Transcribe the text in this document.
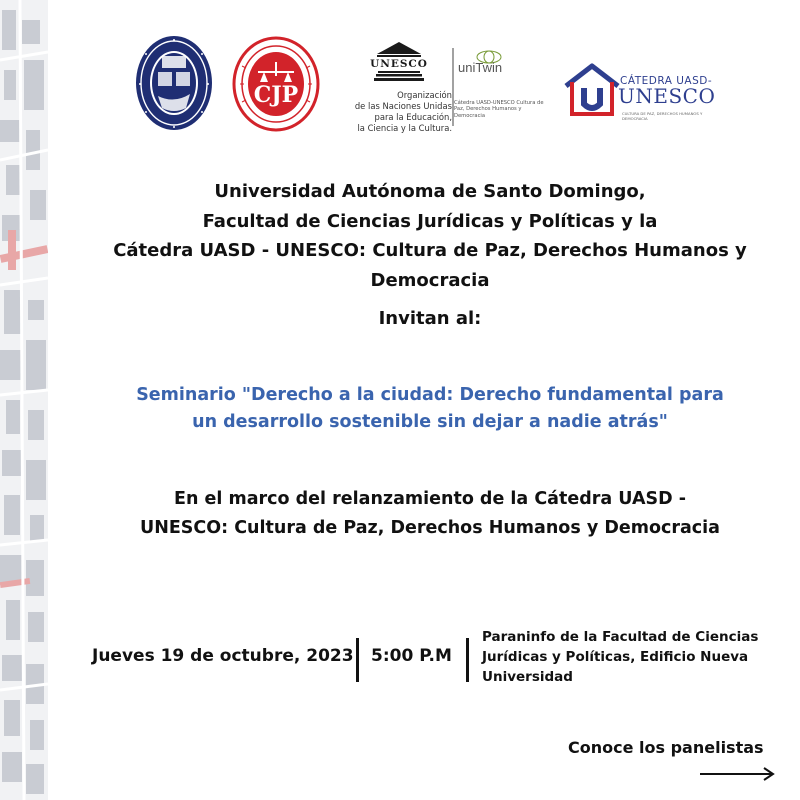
CJP
UNESCO
Organización
de las Naciones Unidas
para la Educación,
la Ciencia y la Cultura.
uniTwin
Cátedra UASD-UNESCO Cultura de Paz, Derechos Humanos y Democracia
CÁTEDRA UASD-
UNESCO
CULTURA DE PAZ, DERECHOS HUMANOS Y DEMOCRACIA
Universidad Autónoma de Santo Domingo,
Facultad de Ciencias Jurídicas y Políticas y la
Cátedra UASD - UNESCO: Cultura de Paz, Derechos Humanos y
Democracia
Invitan al:
Seminario "Derecho a la ciudad: Derecho fundamental para
un desarrollo sostenible sin dejar a nadie atrás"
En el marco del relanzamiento de la Cátedra UASD -
UNESCO: Cultura de Paz, Derechos Humanos y Democracia
Jueves 19 de octubre, 2023 5:00 P.M
Paraninfo de la Facultad de Ciencias
Jurídicas y Políticas, Edificio Nueva
Universidad
Conoce los panelistas
